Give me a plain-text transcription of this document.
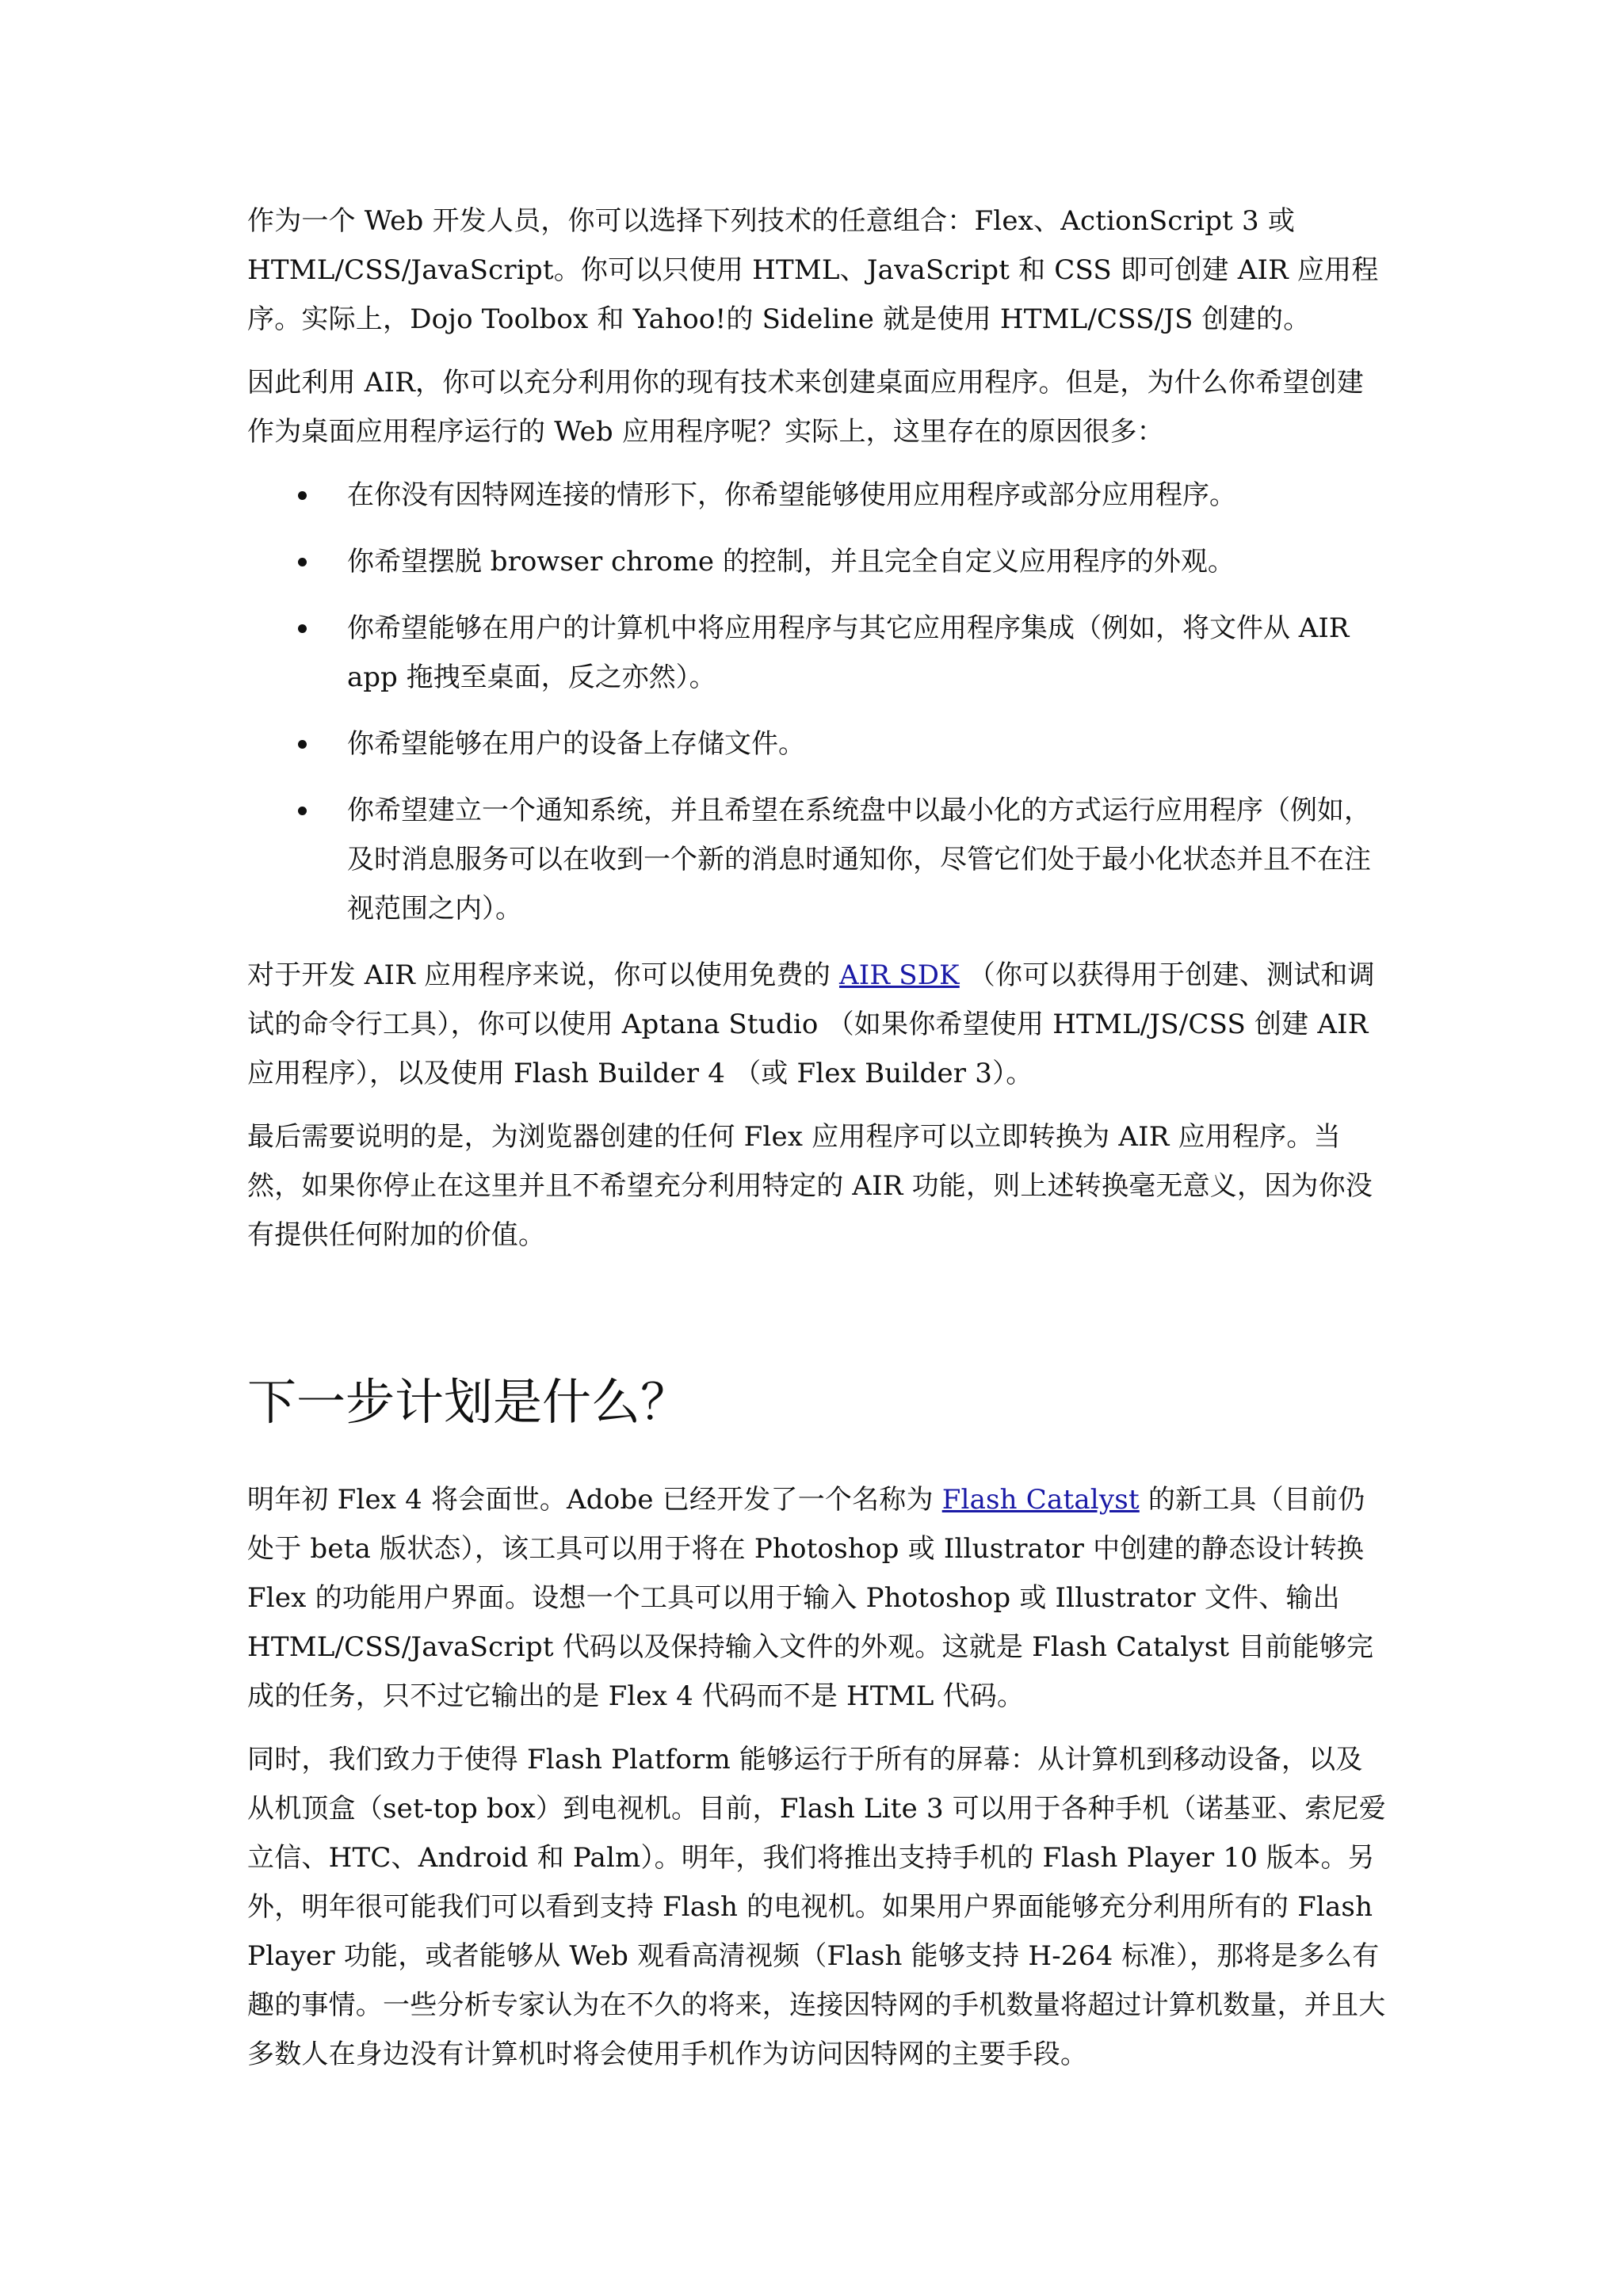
作为一个 Web 开发人员，你可以选择下列技术的任意组合：Flex、ActionScript 3 或 HTML/CSS/JavaScript。你可以只使用 HTML、JavaScript 和 CSS 即可创建 AIR 应用程序。实际上，Dojo Toolbox 和 Yahoo!的 Sideline 就是使用 HTML/CSS/JS 创建的。

因此利用 AIR，你可以充分利用你的现有技术来创建桌面应用程序。但是，为什么你希望创建作为桌面应用程序运行的 Web 应用程序呢？实际上，这里存在的原因很多：

在你没有因特网连接的情形下，你希望能够使用应用程序或部分应用程序。
你希望摆脱 browser chrome 的控制，并且完全自定义应用程序的外观。
你希望能够在用户的计算机中将应用程序与其它应用程序集成（例如，将文件从 AIR app 拖拽至桌面，反之亦然）。
你希望能够在用户的设备上存储文件。
你希望建立一个通知系统，并且希望在系统盘中以最小化的方式运行应用程序（例如，及时消息服务可以在收到一个新的消息时通知你，尽管它们处于最小化状态并且不在注视范围之内）。

对于开发 AIR 应用程序来说，你可以使用免费的 AIR SDK （你可以获得用于创建、测试和调试的命令行工具），你可以使用 Aptana Studio （如果你希望使用 HTML/JS/CSS 创建 AIR 应用程序），以及使用 Flash Builder 4 （或 Flex Builder 3）。

最后需要说明的是，为浏览器创建的任何 Flex 应用程序可以立即转换为 AIR 应用程序。当然，如果你停止在这里并且不希望充分利用特定的 AIR 功能，则上述转换毫无意义，因为你没有提供任何附加的价值。

下一步计划是什么？

明年初 Flex 4 将会面世。Adobe 已经开发了一个名称为 Flash Catalyst 的新工具（目前仍处于 beta 版状态），该工具可以用于将在 Photoshop 或 Illustrator 中创建的静态设计转换 Flex 的功能用户界面。设想一个工具可以用于输入 Photoshop 或 Illustrator 文件、输出 HTML/CSS/JavaScript 代码以及保持输入文件的外观。这就是 Flash Catalyst 目前能够完成的任务，只不过它输出的是 Flex 4 代码而不是 HTML 代码。

同时，我们致力于使得 Flash Platform 能够运行于所有的屏幕：从计算机到移动设备，以及从机顶盒（set-top box）到电视机。目前，Flash Lite 3 可以用于各种手机（诺基亚、索尼爱立信、HTC、Android 和 Palm）。明年，我们将推出支持手机的 Flash Player 10 版本。另外，明年很可能我们可以看到支持 Flash 的电视机。如果用户界面能够充分利用所有的 Flash Player 功能，或者能够从 Web 观看高清视频（Flash 能够支持 H-264 标准），那将是多么有趣的事情。一些分析专家认为在不久的将来，连接因特网的手机数量将超过计算机数量，并且大多数人在身边没有计算机时将会使用手机作为访问因特网的主要手段。
